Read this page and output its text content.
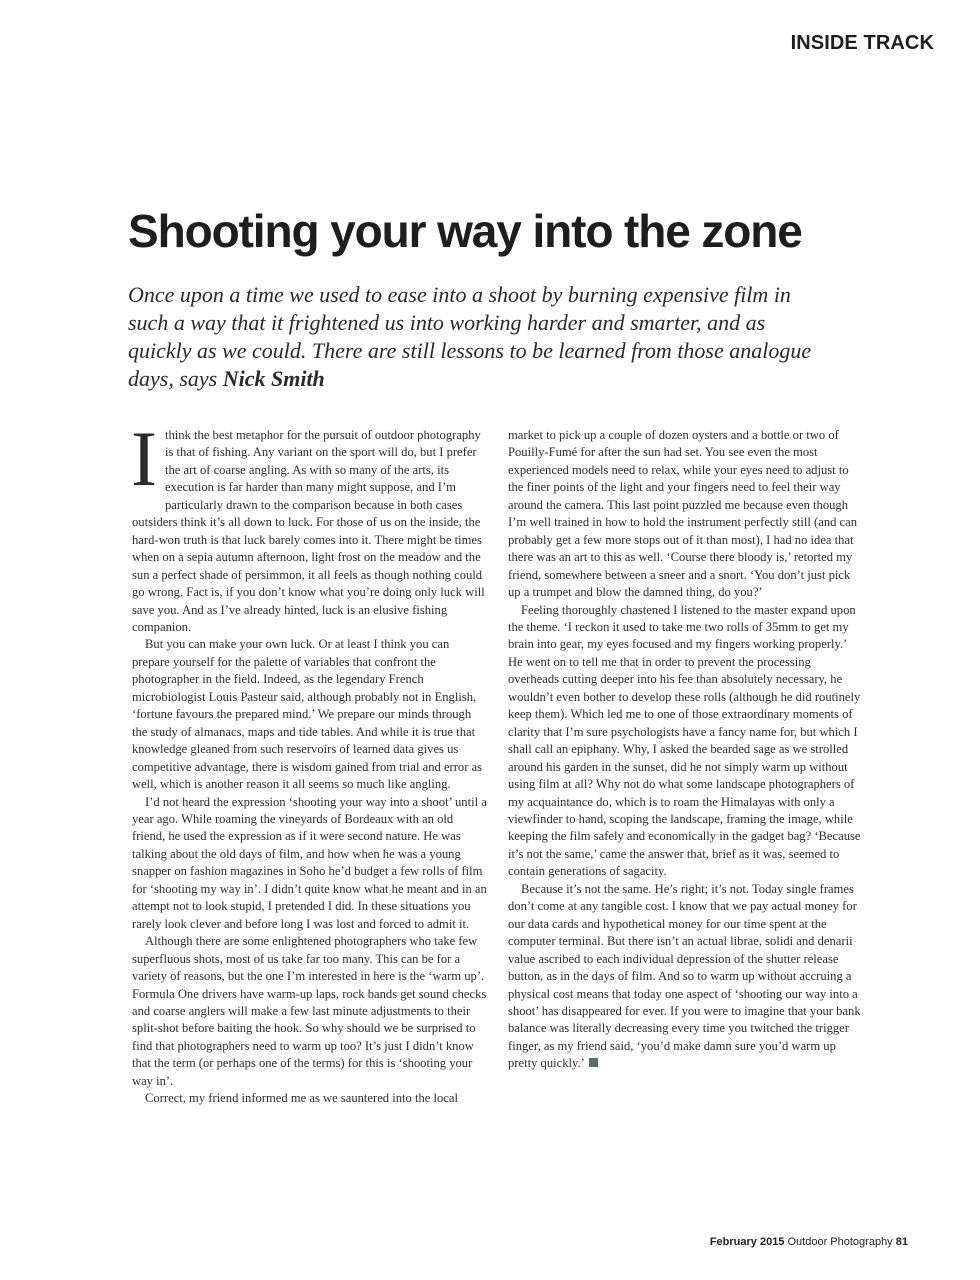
INSIDE TRACK
Shooting your way into the zone

Once upon a time we used to ease into a shoot by burning expensive film in such a way that it frightened us into working harder and smarter, and as quickly as we could. There are still lessons to be learned from those analogue days, says Nick Smith

Ithink the best metaphor for the pursuit of outdoor photography is that of fishing. Any variant on the sport will do, but I prefer the art of coarse angling. As with so many of the arts, its execution is far harder than many might suppose, and I’m particularly drawn to the comparison because in both cases outsiders think it’s all down to luck. For those of us on the inside, the hard-won truth is that luck barely comes into it. There might be times when on a sepia autumn afternoon, light frost on the meadow and the sun a perfect shade of persimmon, it all feels as though nothing could go wrong. Fact is, if you don’t know what you’re doing only luck will save you. And as I’ve already hinted, luck is an elusive fishing companion.

But you can make your own luck. Or at least I think you can prepare yourself for the palette of variables that confront the photographer in the field. Indeed, as the legendary French microbiologist Louis Pasteur said, although probably not in English, ‘fortune favours the prepared mind.’ We prepare our minds through the study of almanacs, maps and tide tables. And while it is true that knowledge gleaned from such reservoirs of learned data gives us competitive advantage, there is wisdom gained from trial and error as well, which is another reason it all seems so much like angling.

I’d not heard the expression ‘shooting your way into a shoot’ until a year ago. While roaming the vineyards of Bordeaux with an old friend, he used the expression as if it were second nature. He was talking about the old days of film, and how when he was a young snapper on fashion magazines in Soho he’d budget a few rolls of film for ‘shooting my way in’. I didn’t quite know what he meant and in an attempt not to look stupid, I pretended I did. In these situations you rarely look clever and before long I was lost and forced to admit it.

Although there are some enlightened photographers who take few superfluous shots, most of us take far too many. This can be for a variety of reasons, but the one I’m interested in here is the ‘warm up’. Formula One drivers have warm-up laps, rock bands get sound checks and coarse anglers will make a few last minute adjustments to their split-shot before baiting the hook. So why should we be surprised to find that photographers need to warm up too? It’s just I didn’t know that the term (or perhaps one of the terms) for this is ‘shooting your way in’.

Correct, my friend informed me as we sauntered into the local

market to pick up a couple of dozen oysters and a bottle or two of Pouilly-Fumé for after the sun had set. You see even the most experienced models need to relax, while your eyes need to adjust to the finer points of the light and your fingers need to feel their way around the camera. This last point puzzled me because even though I’m well trained in how to hold the instrument perfectly still (and can probably get a few more stops out of it than most), I had no idea that there was an art to this as well. ‘Course there bloody is,’ retorted my friend, somewhere between a sneer and a snort. ‘You don’t just pick up a trumpet and blow the damned thing, do you?’

Feeling thoroughly chastened I listened to the master expand upon the theme. ‘I reckon it used to take me two rolls of 35mm to get my brain into gear, my eyes focused and my fingers working properly.’ He went on to tell me that in order to prevent the processing overheads cutting deeper into his fee than absolutely necessary, he wouldn’t even bother to develop these rolls (although he did routinely keep them). Which led me to one of those extraordinary moments of clarity that I’m sure psychologists have a fancy name for, but which I shall call an epiphany. Why, I asked the bearded sage as we strolled around his garden in the sunset, did he not simply warm up without using film at all? Why not do what some landscape photographers of my acquaintance do, which is to roam the Himalayas with only a viewfinder to hand, scoping the landscape, framing the image, while keeping the film safely and economically in the gadget bag? ‘Because it’s not the same,’ came the answer that, brief as it was, seemed to contain generations of sagacity.

Because it’s not the same. He’s right; it’s not. Today single frames don’t come at any tangible cost. I know that we pay actual money for our data cards and hypothetical money for our time spent at the computer terminal. But there isn’t an actual librae, solidi and denarii value ascribed to each individual depression of the shutter release button, as in the days of film. And so to warm up without accruing a physical cost means that today one aspect of ‘shooting our way into a shoot’ has disappeared for ever. If you were to imagine that your bank balance was literally decreasing every time you twitched the trigger finger, as my friend said, ‘you’d make damn sure you’d warm up pretty quickly.’

February 2015 Outdoor Photography 81
